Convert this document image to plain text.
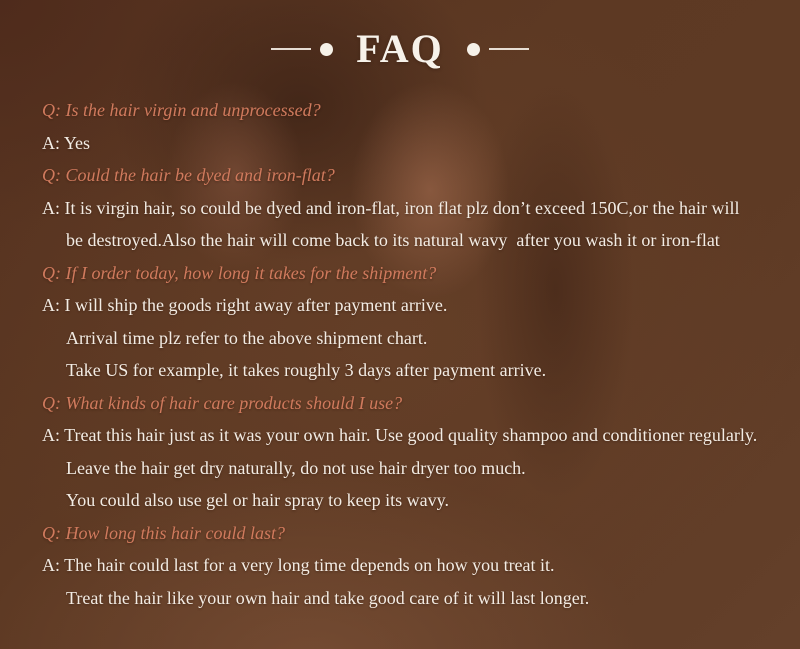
FAQ

Q: Is the hair virgin and unprocessed?

A: Yes

Q: Could the hair be dyed and iron-flat?

A: It is virgin hair, so could be dyed and iron-flat, iron flat plz don’t exceed 150C,or the hair will

be destroyed.Also the hair will come back to its natural wavy  after you wash it or iron-flat

Q: If I order today, how long it takes for the shipment?

A: I will ship the goods right away after payment arrive.

Arrival time plz refer to the above shipment chart.

Take US for example, it takes roughly 3 days after payment arrive.

Q: What kinds of hair care products should I use?

A: Treat this hair just as it was your own hair. Use good quality shampoo and conditioner regularly.

Leave the hair get dry naturally, do not use hair dryer too much.

You could also use gel or hair spray to keep its wavy.

Q: How long this hair could last?

A: The hair could last for a very long time depends on how you treat it.

Treat the hair like your own hair and take good care of it will last longer.
